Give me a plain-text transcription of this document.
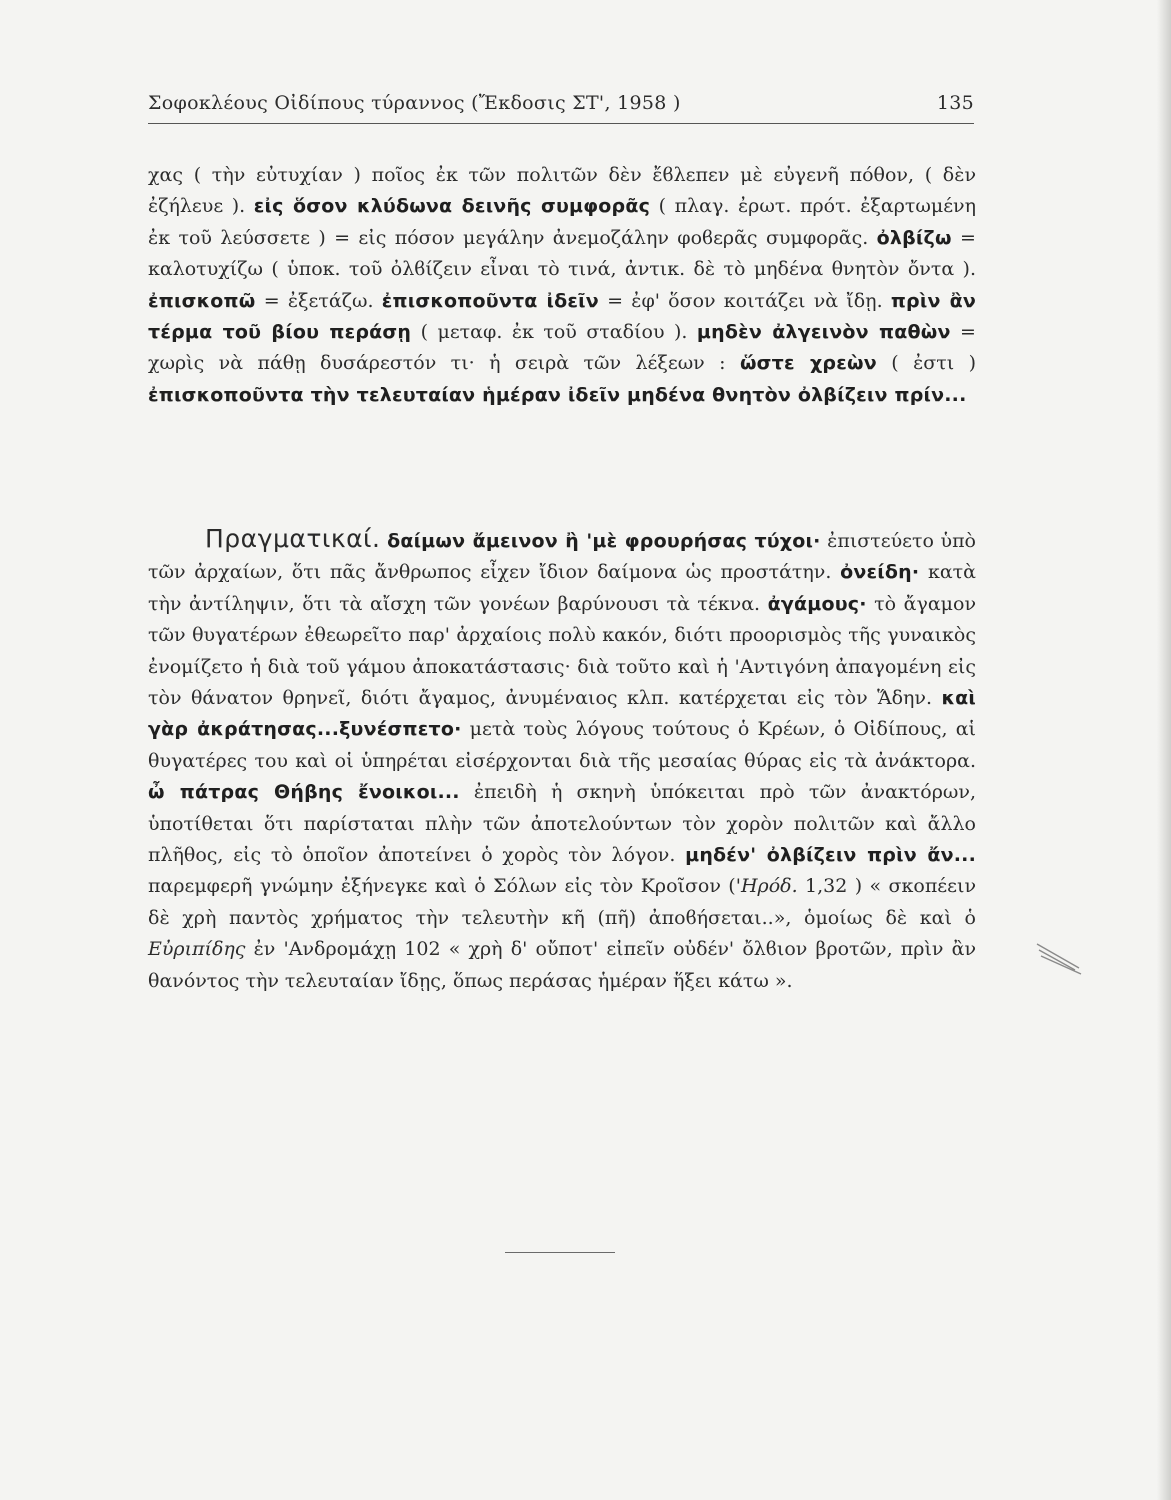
Σοφοκλέους Οἰδίπους τύραννος (Ἔκδοσις ΣΤ', 1958 )	135
χας ( τὴν εὐτυχίαν ) ποῖος ἐκ τῶν πολιτῶν δὲν ἔϐλεπεν μὲ εὐγενῆ πόθον, ( δὲν ἐζήλευε ). εἰς ὅσον κλύδωνα δεινῆς συμφορᾶς ( πλαγ. ἐρωτ. πρότ. ἐξαρτωμένη ἐκ τοῦ λεύσσετε ) = εἰς πόσον μεγάλην ἀνεμοζάλην φοϐερᾶς συμφορᾶς. ὀλβίζω = καλοτυχίζω ( ὑποκ. τοῦ ὀλϐίζειν εἶναι τὸ τινά, ἀντικ. δὲ τὸ μηδένα θνητὸν ὄντα ). ἐπισκοπῶ = ἐξετάζω. ἐπισκοποῦντα ἰδεῖν = ἐφ' ὅσον κοιτάζει νὰ ἴδῃ. πρὶν ἂν τέρμα τοῦ βίου περάσῃ ( μεταφ. ἐκ τοῦ σταδίου ). μηδὲν ἀλγεινὸν παθὼν = χωρὶς νὰ πάθῃ δυσάρεστόν τι· ἡ σειρὰ τῶν λέξεων : ὥστε χρεὼν ( ἐστι ) ἐπισκοποῦντα τὴν τελευταίαν ἡμέραν ἰδεῖν μηδένα θνητὸν ὀλβίζειν πρίν...
Πραγματικαί. δαίμων ἄμεινον ἢ 'μὲ φρουρήσας τύχοι· ἐπιστεύετο ὑπὸ τῶν ἀρχαίων, ὅτι πᾶς ἄνθρωπος εἶχεν ἴδιον δαίμονα ὡς προστάτην. ὀνείδη· κατὰ τὴν ἀντίληψιν, ὅτι τὰ αἴσχη τῶν γονέων βαρύνουσι τὰ τέκνα. ἀγάμους· τὸ ἄγαμον τῶν θυγατέρων ἐθεωρεῖτο παρ' ἀρχαίοις πολὺ κακόν, διότι προορισμὸς τῆς γυναικὸς ἐνομίζετο ἡ διὰ τοῦ γάμου ἀποκατάστασις· διὰ τοῦτο καὶ ἡ 'Αντιγόνη ἀπαγομένη εἰς τὸν θάνατον θρηνεῖ, διότι ἄγαμος, ἀνυμέναιος κλπ. κατέρχεται εἰς τὸν Ἅδην. καὶ γὰρ ἀκράτησας...ξυνέσπετο· μετὰ τοὺς λόγους τούτους ὁ Κρέων, ὁ Οἰδίπους, αἱ θυγατέρες του καὶ οἱ ὑπηρέται εἰσέρχονται διὰ τῆς μεσαίας θύρας εἰς τὰ ἀνάκτορα. ὦ πάτρας Θήβης ἔνοικοι... ἐπειδὴ ἡ σκηνὴ ὑπόκειται πρὸ τῶν ἀνακτόρων, ὑποτίθεται ὅτι παρίσταται πλὴν τῶν ἀποτελούντων τὸν χορὸν πολιτῶν καὶ ἄλλο πλῆθος, εἰς τὸ ὁποῖον ἀποτείνει ὁ χορὸς τὸν λόγον. μηδέν' ὀλβίζειν πρὶν ἄν... παρεμφερῆ γνώμην ἐξήνεγκε καὶ ὁ Σόλων εἰς τὸν Κροῖσον ('Ηρόδ. 1,32 ) « σκοπέειν δὲ χρὴ παντὸς χρήματος τὴν τελευτὴν κῆ (πῆ) ἀποϐήσεται..», ὁμοίως δὲ καὶ ὁ Εὐριπίδης ἐν 'Ανδρομάχῃ 102 « χρὴ δ' οὔποτ' εἰπεῖν οὐδέν' ὄλϐιον βροτῶν, πρὶν ἂν θανόντος τὴν τελευταίαν ἴδῃς, ὅπως περάσας ἡμέραν ἥξει κάτω ».
